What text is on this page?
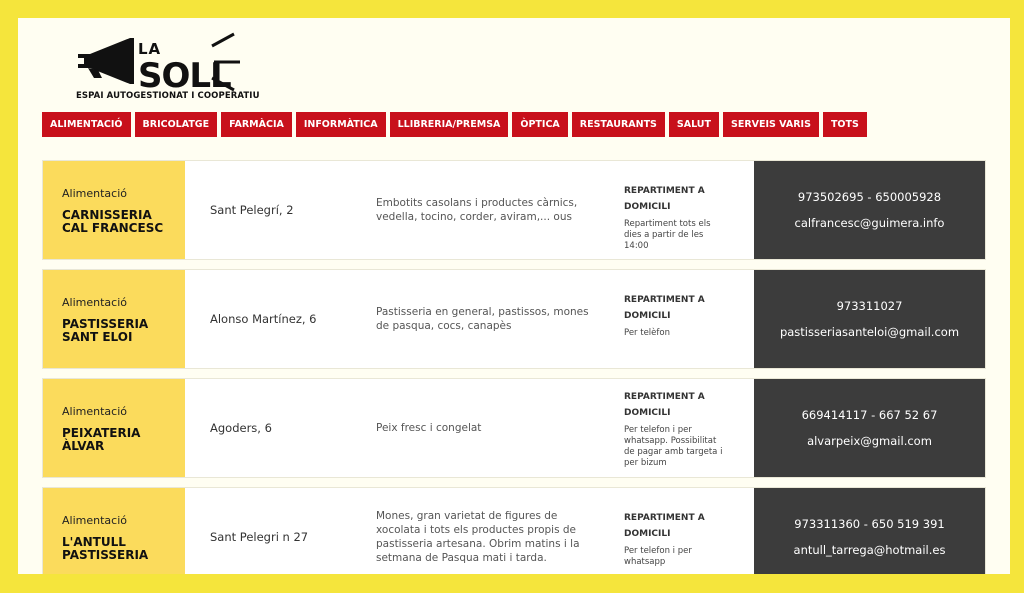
LA
SOLL
ESPAI AUTOGESTIONAT I COOPERATIU
ALIMENTACIÓ	BRICOLATGE	FARMÀCIA	INFORMÀTICA	LLIBRERIA/PREMSA	ÒPTICA	RESTAURANTS	SALUT	SERVEIS VARIS	TOTS
Alimentació
CARNISSERIA CAL FRANCESC
Sant Pelegrí, 2	Embotits casolans i productes càrnics, vedella, tocino, corder, aviram,... ous
REPARTIMENT A DOMICILI
Repartiment tots els dies a partir de les 14:00
973502695 - 650005928
calfrancesc@guimera.info
Alimentació
PASTISSERIA SANT ELOI
Alonso Martínez, 6	Pastisseria en general, pastissos, mones de pasqua, cocs, canapès
REPARTIMENT A DOMICILI
Per telèfon
973311027
pastisseriasanteloi@gmail.com
Alimentació
PEIXATERIA ÀLVAR
Agoders, 6	Peix fresc i congelat
REPARTIMENT A DOMICILI
Per telefon i per whatsapp. Possibilitat de pagar amb targeta i per bizum
669414117 - 667 52 67
alvarpeix@gmail.com
Alimentació
L'ANTULL PASTISSERIA
Sant Pelegri n 27
Mones, gran varietat de figures de xocolata i tots els productes propis de pastisseria artesana. Obrim matins i la setmana de Pasqua mati i tarda.
REPARTIMENT A DOMICILI
Per telefon i per whatsapp
973311360 - 650 519 391
antull_tarrega@hotmail.es
